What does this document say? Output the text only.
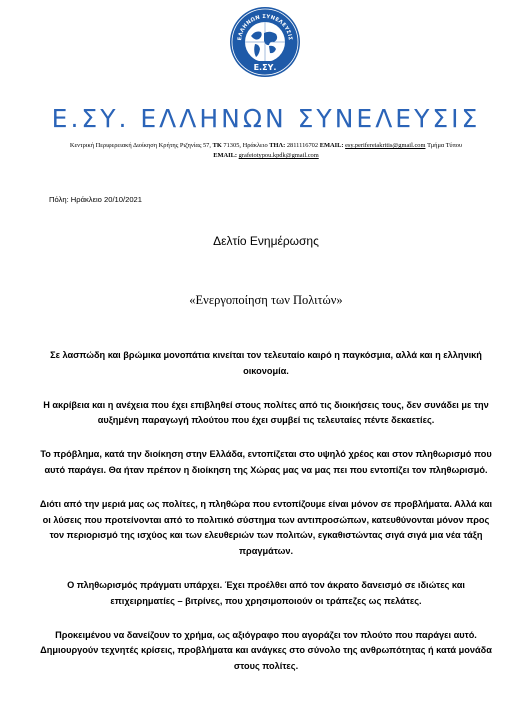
ΕΛΛΗΝΩΝ ΣΥΝΕΛΕΥΣΙΣ
Ε.ΣΥ.
Ε.ΣΥ. ΕΛΛΗΝΩΝ ΣΥΝΕΛΕΥΣΙΣ
Κεντρική Περιφερειακή Διοίκηση Κρήτης Ριζηνίας 57, ΤΚ 71305, Ηράκλειο ΤΗΛ: 2811116702 EMAIL: esy.perifereiakritis@gmail.com Τμήμα Τύπου
EMAIL: grafeiotypou.kpdk@gmail.com
Πόλη: Ηράκλειο 20/10/2021
Δελτίο Ενημέρωσης
«Ενεργοποίηση των Πολιτών»

Σε λασπώδη και βρώμικα μονοπάτια κινείται τον τελευταίο καιρό η παγκόσμια, αλλά και η ελληνική οικονομία.

Η ακρίβεια και η ανέχεια που έχει επιβληθεί στους πολίτες από τις διοικήσεις τους, δεν συνάδει με την αυξημένη παραγωγή πλούτου που έχει συμβεί τις τελευταίες πέντε δεκαετίες.

Το πρόβλημα, κατά την διοίκηση στην Ελλάδα, εντοπίζεται στο υψηλό χρέος και στον πληθωρισμό που αυτό παράγει. Θα ήταν πρέπον η διοίκηση της Χώρας μας να μας πει που εντοπίζει τον πληθωρισμό.

Διότι από την μεριά μας ως πολίτες, η πληθώρα που εντοπίζουμε είναι μόνον σε προβλήματα. Αλλά και οι λύσεις που προτείνονται από το πολιτικό σύστημα των αντιπροσώπων, κατευθύνονται μόνον προς τον περιορισμό της ισχύος και των ελευθεριών των πολιτών, εγκαθιστώντας σιγά σιγά μια νέα τάξη πραγμάτων.

Ο πληθωρισμός πράγματι υπάρχει. Έχει προέλθει από τον άκρατο δανεισμό σε ιδιώτες και επιχειρηματίες – βιτρίνες, που χρησιμοποιούν οι τράπεζες ως πελάτες.

Προκειμένου να δανείζουν το χρήμα, ως αξιόγραφο που αγοράζει τον πλούτο που παράγει αυτό. Δημιουργούν τεχνητές κρίσεις, προβλήματα και ανάγκες στο σύνολο της ανθρωπότητας ή κατά μονάδα στους πολίτες.
